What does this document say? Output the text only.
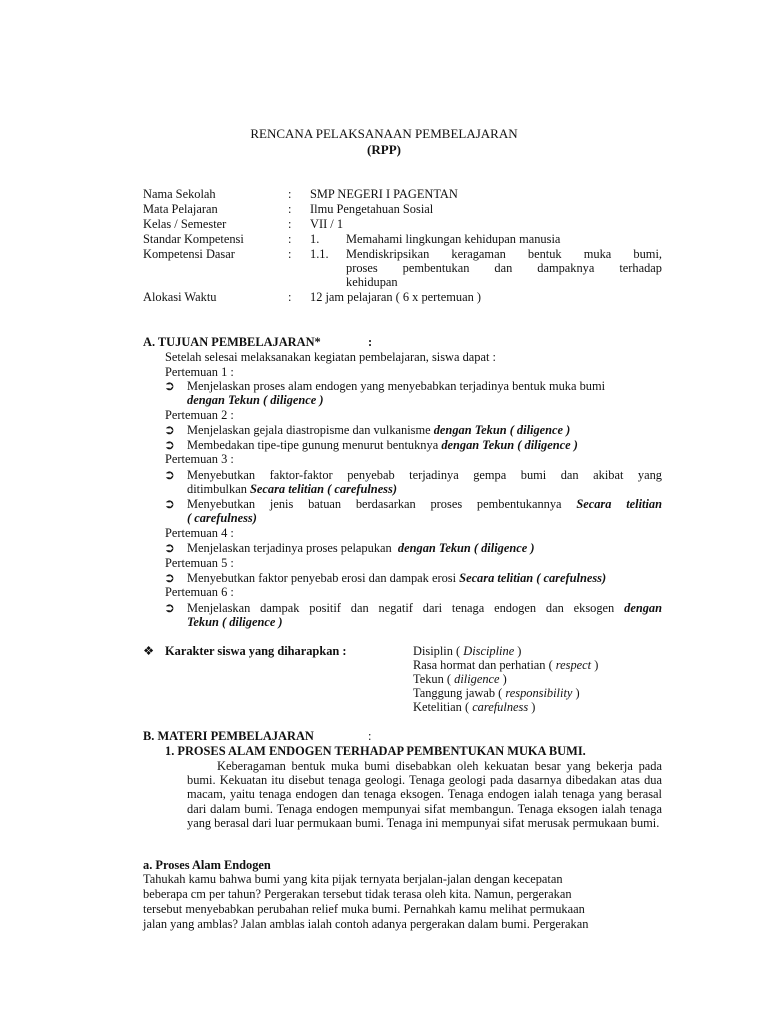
RENCANA PELAKSANAAN PEMBELAJARAN
(RPP)
Nama Sekolah	: SMP NEGERI I PAGENTAN
Mata Pelajaran	: Ilmu Pengetahuan Sosial
Kelas / Semester	: VII / 1
Standar Kompetensi	: 1. Memahami lingkungan kehidupan manusia
Kompetensi Dasar	: 1.1. Mendiskripsikan keragaman bentuk muka bumi,
proses pembentukan dan dampaknya terhadap
kehidupan
Alokasi Waktu	: 12 jam pelajaran ( 6 x pertemuan )
A. TUJUAN PEMBELAJARAN*	:
Setelah selesai melaksanakan kegiatan pembelajaran, siswa dapat :
Pertemuan 1 :
➲ Menjelaskan proses alam endogen yang menyebabkan terjadinya bentuk muka bumi
dengan Tekun ( diligence )
Pertemuan 2 :
➲ Menjelaskan gejala diastropisme dan vulkanisme dengan Tekun ( diligence )
➲ Membedakan tipe-tipe gunung menurut bentuknya dengan Tekun ( diligence )
Pertemuan 3 :
➲ Menyebutkan faktor-faktor penyebab terjadinya gempa bumi dan akibat yang
ditimbulkan Secara telitian ( carefulness)
➲ Menyebutkan jenis batuan berdasarkan proses pembentukannya Secara telitian
( carefulness)
Pertemuan 4 :
➲ Menjelaskan terjadinya proses pelapukan dengan Tekun ( diligence )
Pertemuan 5 :
➲ Menyebutkan faktor penyebab erosi dan dampak erosi Secara telitian ( carefulness)
Pertemuan 6 :
➲ Menjelaskan dampak positif dan negatif dari tenaga endogen dan eksogen dengan
Tekun ( diligence )
❖ Karakter siswa yang diharapkan :	Disiplin ( Discipline )
Rasa hormat dan perhatian ( respect )
Tekun ( diligence )
Tanggung jawab ( responsibility )
Ketelitian ( carefulness )
B. MATERI PEMBELAJARAN	:
1. PROSES ALAM ENDOGEN TERHADAP PEMBENTUKAN MUKA BUMI.
Keberagaman bentuk muka bumi disebabkan oleh kekuatan besar yang bekerja pada bumi. Kekuatan itu disebut tenaga geologi. Tenaga geologi pada dasarnya dibedakan atas dua macam, yaitu tenaga endogen dan tenaga eksogen. Tenaga endogen ialah tenaga yang berasal dari dalam bumi. Tenaga endogen mempunyai sifat membangun. Tenaga eksogen ialah tenaga yang berasal dari luar permukaan bumi. Tenaga ini mempunyai sifat merusak permukaan bumi.
a. Proses Alam Endogen
Tahukah kamu bahwa bumi yang kita pijak ternyata berjalan-jalan dengan kecepatan
beberapa cm per tahun? Pergerakan tersebut tidak terasa oleh kita. Namun, pergerakan
tersebut menyebabkan perubahan relief muka bumi. Pernahkah kamu melihat permukaan
jalan yang amblas? Jalan amblas ialah contoh adanya pergerakan dalam bumi. Pergerakan
